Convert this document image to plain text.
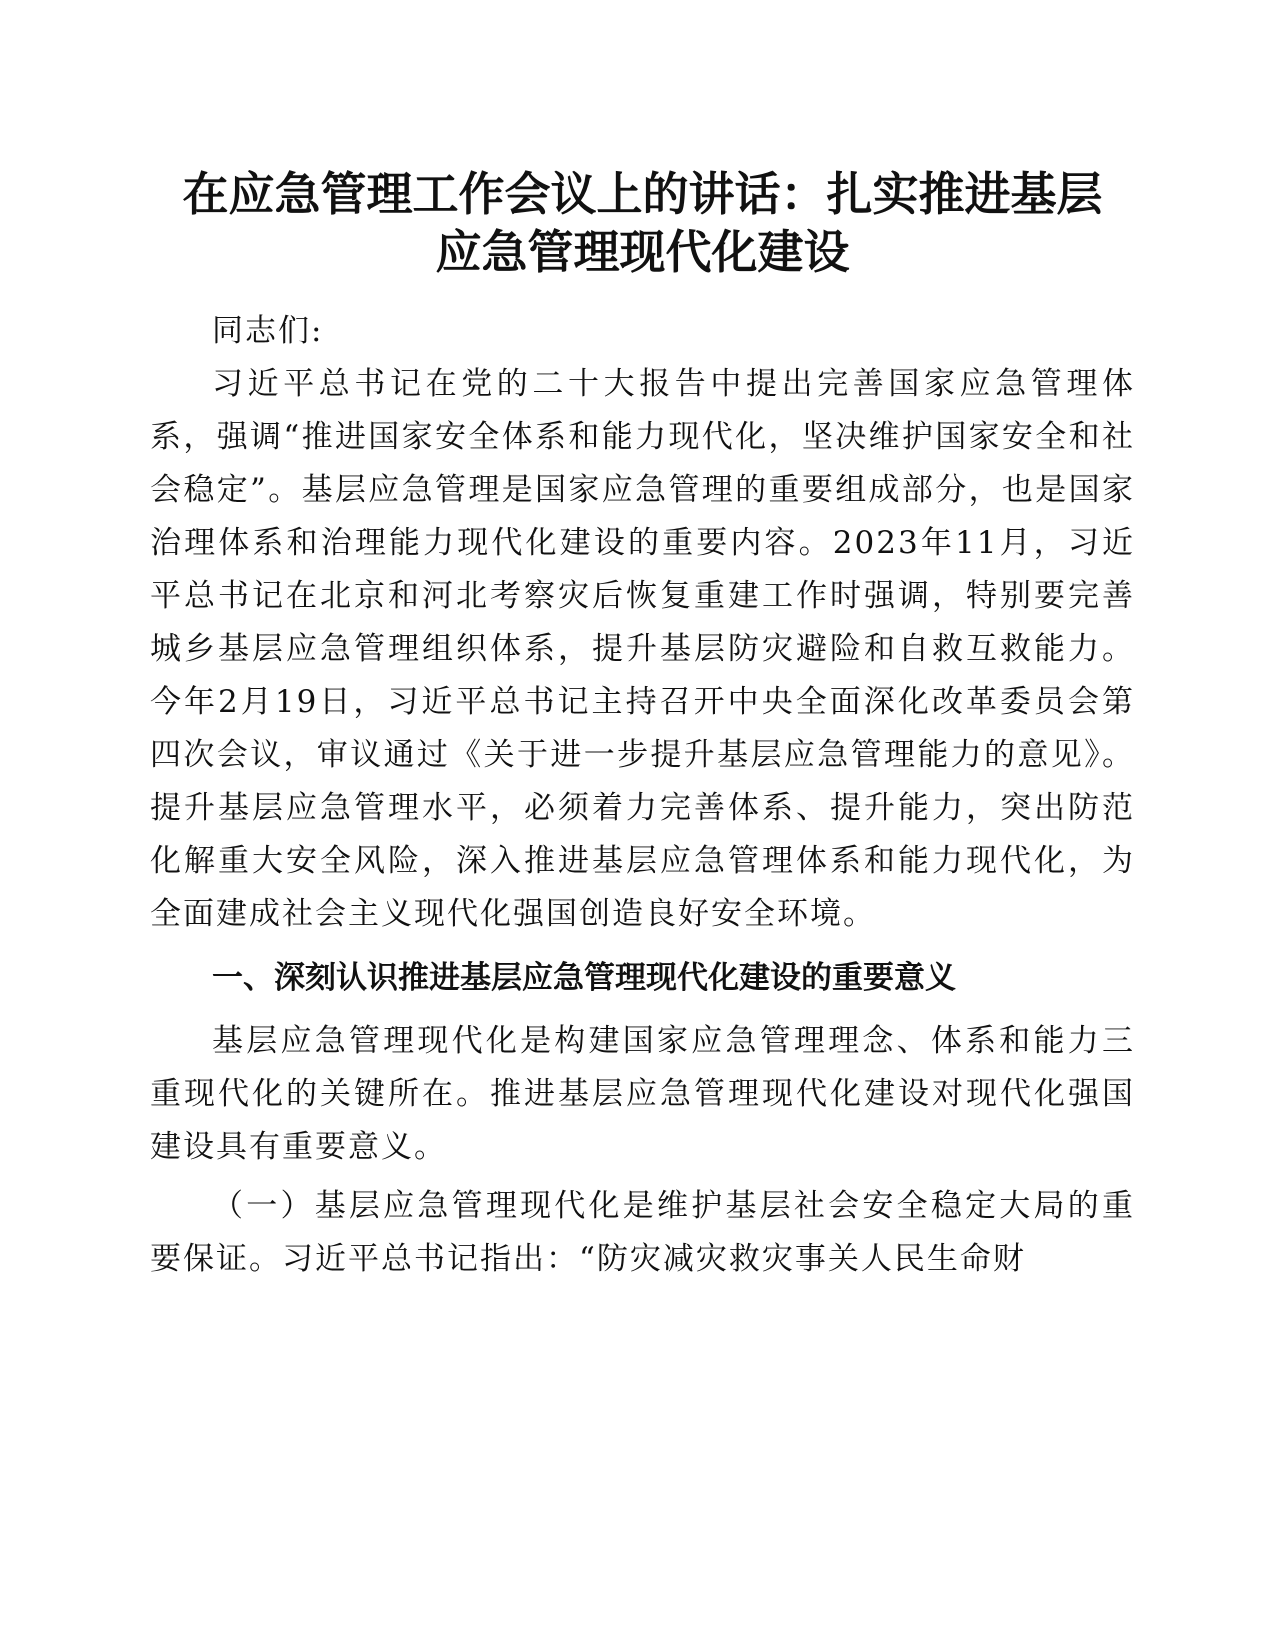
在应急管理工作会议上的讲话：扎实推进基层
应急管理现代化建设

同志们:

习近平总书记在党的二十大报告中提出完善国家应急管理体系，强调“推进国家安全体系和能力现代化，坚决维护国家安全和社会稳定”。基层应急管理是国家应急管理的重要组成部分，也是国家治理体系和治理能力现代化建设的重要内容。2023年11月，习近平总书记在北京和河北考察灾后恢复重建工作时强调，特别要完善城乡基层应急管理组织体系，提升基层防灾避险和自救互救能力。今年2月19日，习近平总书记主持召开中央全面深化改革委员会第四次会议，审议通过《关于进一步提升基层应急管理能力的意见》。提升基层应急管理水平，必须着力完善体系、提升能力，突出防范化解重大安全风险，深入推进基层应急管理体系和能力现代化，为全面建成社会主义现代化强国创造良好安全环境。

一、深刻认识推进基层应急管理现代化建设的重要意义

基层应急管理现代化是构建国家应急管理理念、体系和能力三重现代化的关键所在。推进基层应急管理现代化建设对现代化强国建设具有重要意义。

（一）基层应急管理现代化是维护基层社会安全稳定大局的重要保证。习近平总书记指出：“防灾减灾救灾事关人民生命财
